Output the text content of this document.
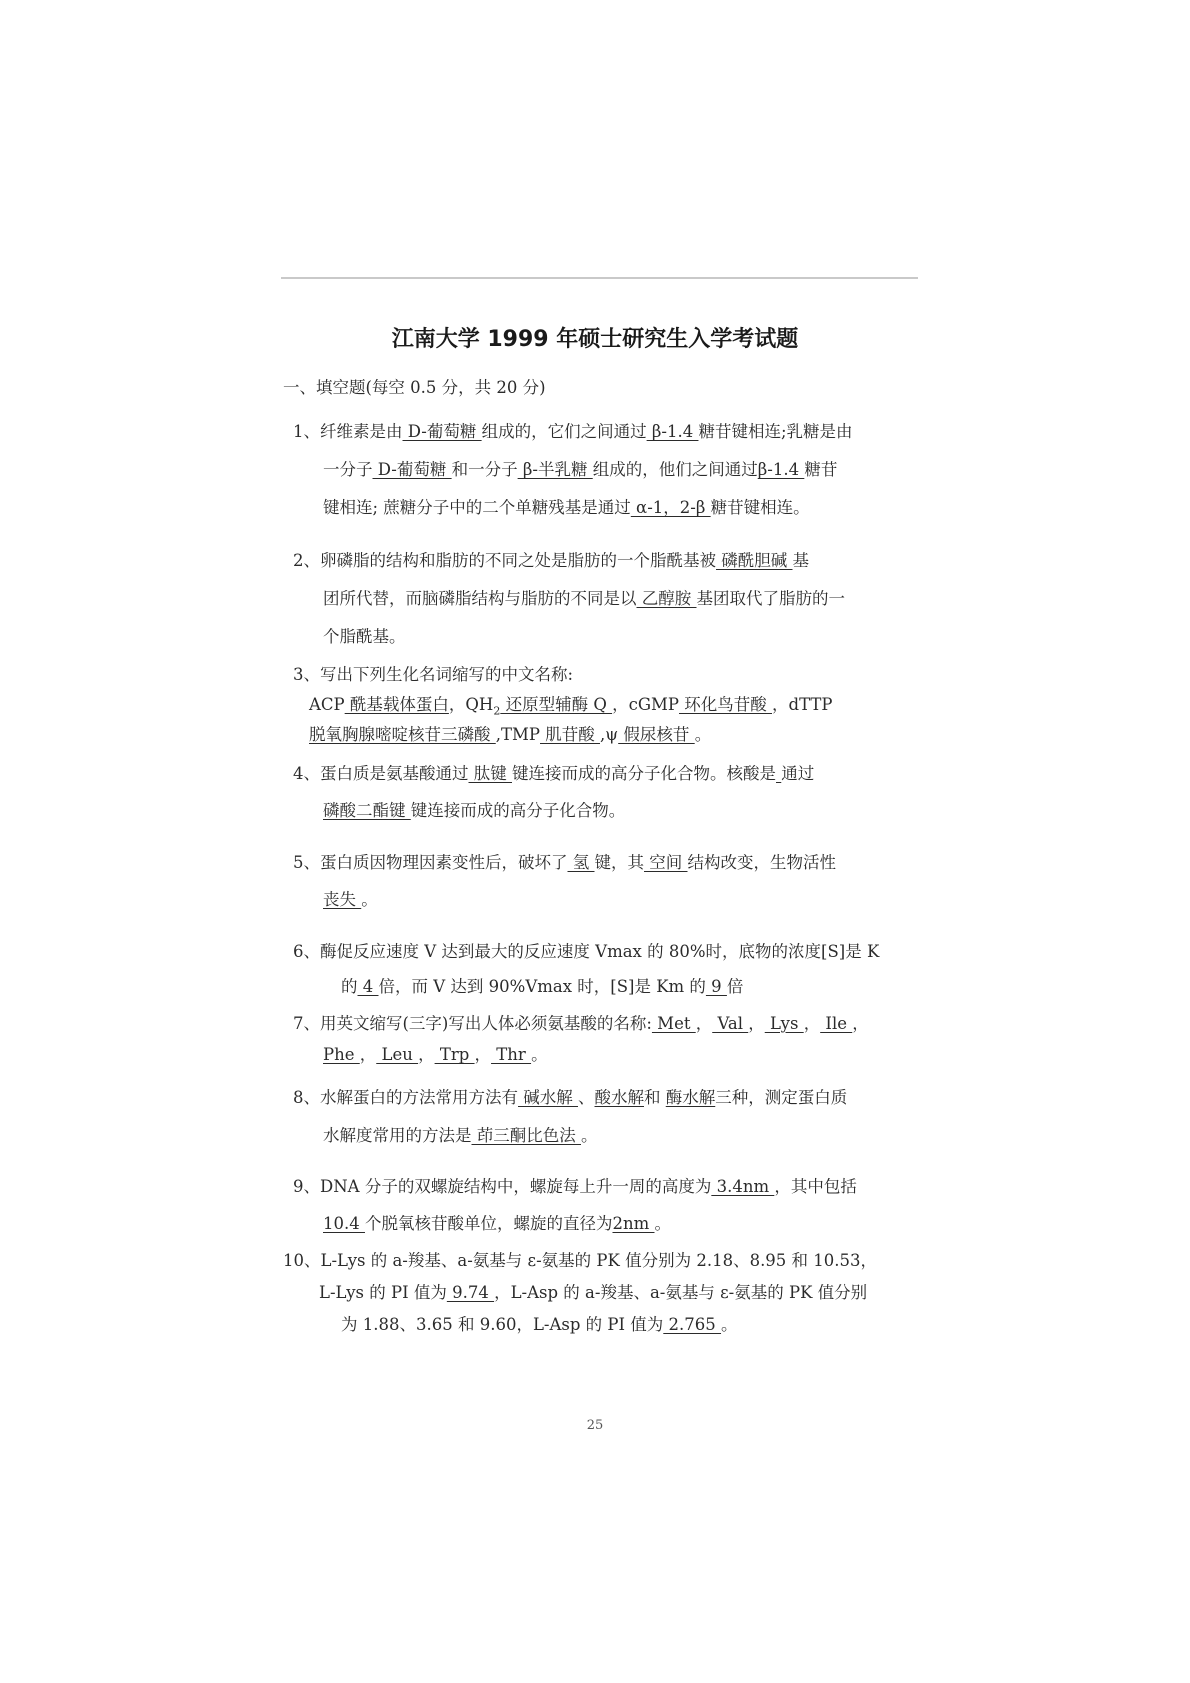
江南大学 1999 年硕士研究生入学考试题
一、填空题(每空 0.5 分，共 20 分)
1、纤维素是由 D-葡萄糖 组成的，它们之间通过 β-1.4 糖苷键相连;乳糖是由
一分子 D-葡萄糖 和一分子 β-半乳糖 组成的，他们之间通过β-1.4 糖苷
键相连; 蔗糖分子中的二个单糖残基是通过 α-1，2-β 糖苷键相连。
2、卵磷脂的结构和脂肪的不同之处是脂肪的一个脂酰基被 磷酰胆碱 基
团所代替，而脑磷脂结构与脂肪的不同是以 乙醇胺 基团取代了脂肪的一
个脂酰基。
3、写出下列生化名词缩写的中文名称:
ACP 酰基载体蛋白，$QH_2$ 还原型辅酶 Q ，cGMP 环化鸟苷酸 ，dTTP
脱氧胸腺嘧啶核苷三磷酸 ,TMP 肌苷酸 ,ψ 假尿核苷 。
4、蛋白质是氨基酸通过 肽键 键连接而成的高分子化合物。核酸是 通过
磷酸二酯键 键连接而成的高分子化合物。
5、蛋白质因物理因素变性后，破坏了 氢 键，其 空间 结构改变，生物活性
丧失 。
6、酶促反应速度 V 达到最大的反应速度 Vmax 的 80%时，底物的浓度[S]是 K
的 4 倍，而 V 达到 90%Vmax 时，[S]是 Km 的 9 倍
7、用英文缩写(三字)写出人体必须氨基酸的名称: Met ， Val ， Lys ， Ile ，
Phe ， Leu ， Trp ， Thr 。
8、水解蛋白的方法常用方法有 碱水解 、酸水解和 酶水解三种，测定蛋白质
水解度常用的方法是 茚三酮比色法 。
9、DNA 分子的双螺旋结构中，螺旋每上升一周的高度为 3.4nm ，其中包括
10.4 个脱氧核苷酸单位，螺旋的直径为2nm 。
10、L-Lys 的 a-羧基、a-氨基与 ε-氨基的 PK 值分别为 2.18、8.95 和 10.53，
L-Lys 的 PI 值为 9.74 ，L-Asp 的 a-羧基、a-氨基与 ε-氨基的 PK 值分别
为 1.88、3.65 和 9.60，L-Asp 的 PI 值为 2.765 。
25
